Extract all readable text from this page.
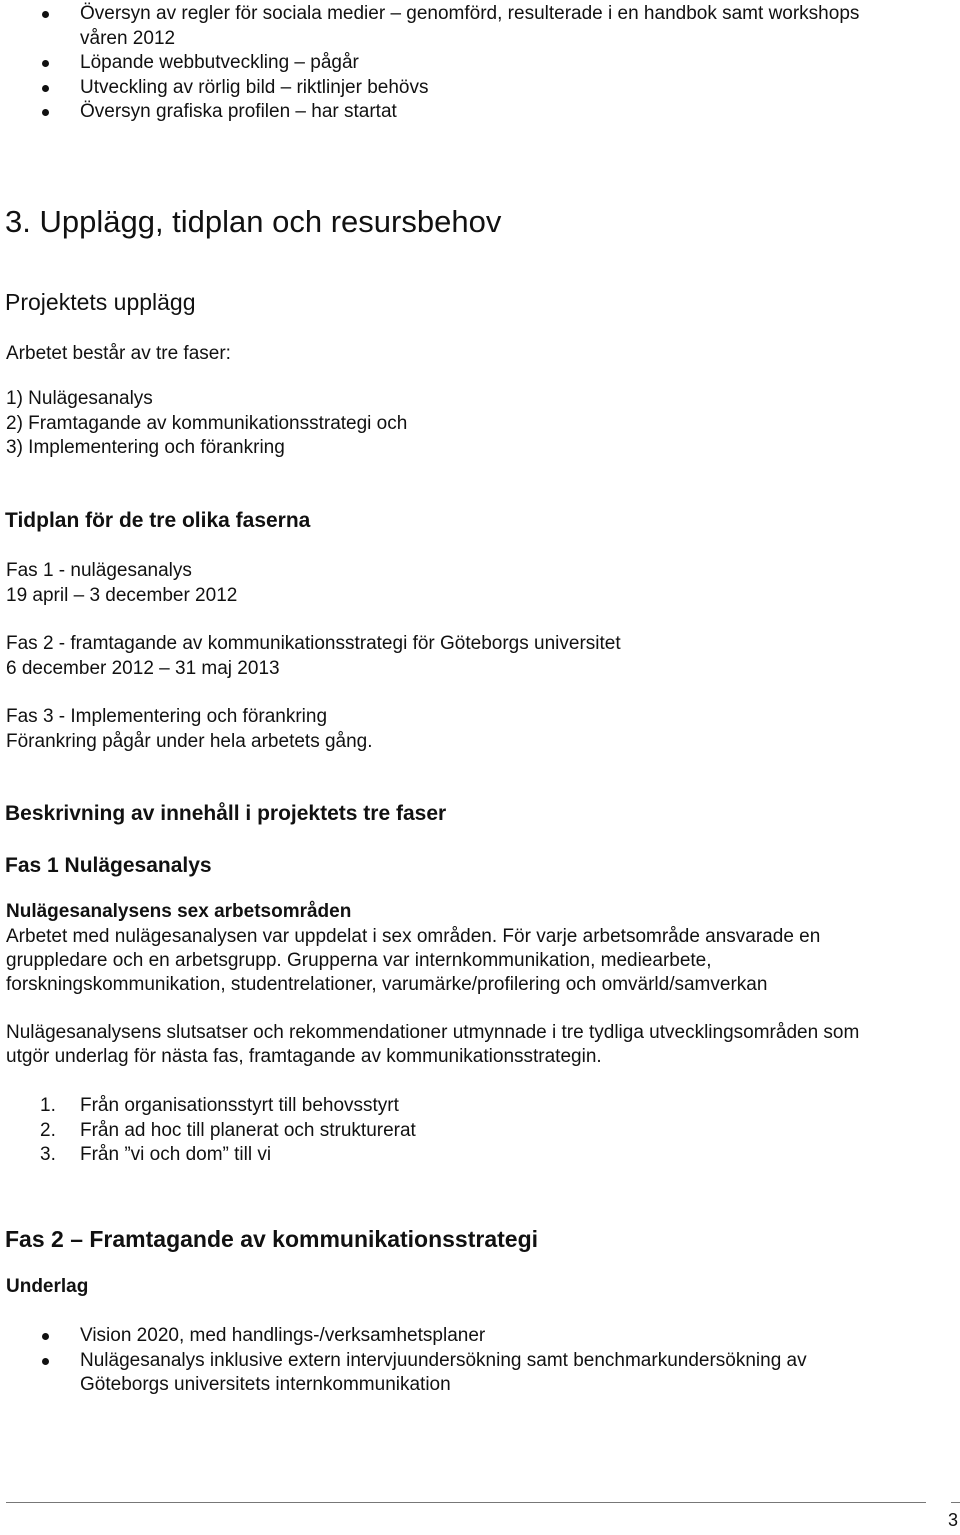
Översyn av regler för sociala medier – genomförd, resulterade i en handbok samt workshops
våren 2012
Löpande webbutveckling – pågår
Utveckling av rörlig bild – riktlinjer behövs
Översyn grafiska profilen – har startat
3. Upplägg, tidplan och resursbehov
Projektets upplägg
Arbetet består av tre faser:
1) Nulägesanalys
2) Framtagande av kommunikationsstrategi och
3) Implementering och förankring
Tidplan för de tre olika faserna
Fas 1 - nulägesanalys
19 april – 3 december 2012
Fas 2 - framtagande av kommunikationsstrategi för Göteborgs universitet
6 december 2012 – 31 maj 2013
Fas 3 - Implementering och förankring
Förankring pågår under hela arbetets gång.
Beskrivning av innehåll i projektets tre faser
Fas 1 Nulägesanalys
Nulägesanalysens sex arbetsområden
Arbetet med nulägesanalysen var uppdelat i sex områden. För varje arbetsområde ansvarade en
gruppledare och en arbetsgrupp. Grupperna var internkommunikation, mediearbete,
forskningskommunikation, studentrelationer, varumärke/profilering och omvärld/samverkan
Nulägesanalysens slutsatser och rekommendationer utmynnade i tre tydliga utvecklingsområden som
utgör underlag för nästa fas, framtagande av kommunikationsstrategin.
1. Från organisationsstyrt till behovsstyrt
2. Från ad hoc till planerat och strukturerat
3. Från ”vi och dom” till vi
Fas 2 – Framtagande av kommunikationsstrategi
Underlag
Vision 2020, med handlings-/verksamhetsplaner
Nulägesanalys inklusive extern intervjuundersökning samt benchmarkundersökning av
Göteborgs universitets internkommunikation
3
